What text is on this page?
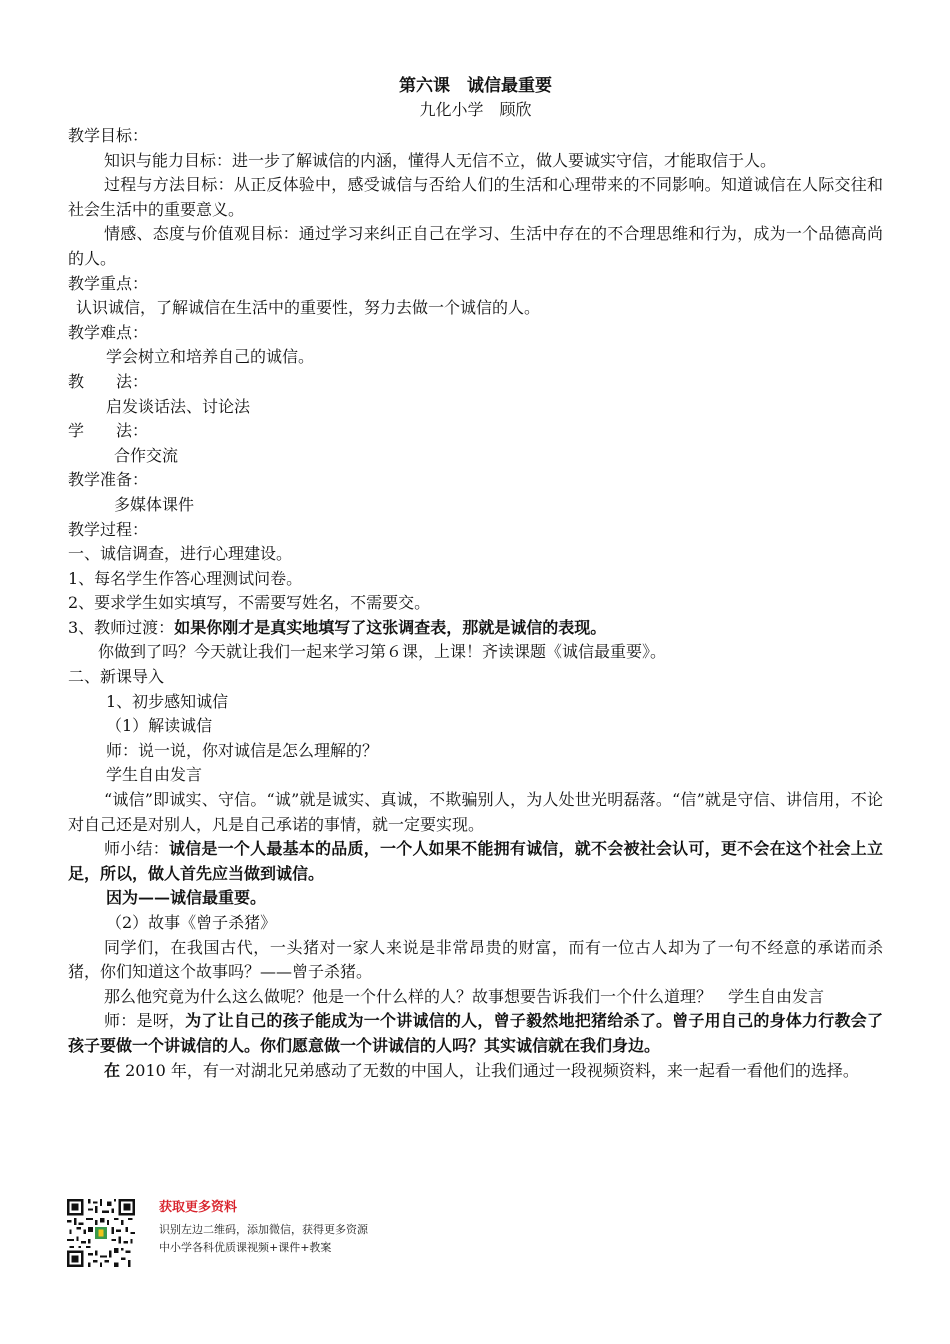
第六课　诚信最重要

九化小学　顾欣

教学目标：

知识与能力目标：进一步了解诚信的内涵，懂得人无信不立，做人要诚实守信，才能取信于人。

过程与方法目标：从正反体验中，感受诚信与否给人们的生活和心理带来的不同影响。知道诚信在人际交往和社会生活中的重要意义。

情感、态度与价值观目标：通过学习来纠正自己在学习、生活中存在的不合理思维和行为，成为一个品德高尚的人。

教学重点：

认识诚信，了解诚信在生活中的重要性，努力去做一个诚信的人。

教学难点：

学会树立和培养自己的诚信。

教　　法：

启发谈话法、讨论法

学　　法：

合作交流

教学准备：

多媒体课件

教学过程：

一、诚信调查，进行心理建设。

1、每名学生作答心理测试问卷。

2、要求学生如实填写，不需要写姓名，不需要交。

3、教师过渡：如果你刚才是真实地填写了这张调查表，那就是诚信的表现。

你做到了吗？今天就让我们一起来学习第６课，上课！齐读课题《诚信最重要》。

二、新课导入

1、初步感知诚信

（1）解读诚信

师：说一说，你对诚信是怎么理解的？

学生自由发言

“诚信”即诚实、守信。“诚”就是诚实、真诚，不欺骗别人，为人处世光明磊落。“信”就是守信、讲信用，不论对自己还是对别人，凡是自己承诺的事情，就一定要实现。

师小结：诚信是一个人最基本的品质，一个人如果不能拥有诚信，就不会被社会认可，更不会在这个社会上立足，所以，做人首先应当做到诚信。

因为——诚信最重要。

（2）故事《曾子杀猪》

同学们，在我国古代，一头猪对一家人来说是非常昂贵的财富，而有一位古人却为了一句不经意的承诺而杀猪，你们知道这个故事吗？——曾子杀猪。

那么他究竟为什么这么做呢？他是一个什么样的人？故事想要告诉我们一个什么道理？　学生自由发言

师：是呀，为了让自己的孩子能成为一个讲诚信的人，曾子毅然地把猪给杀了。曾子用自己的身体力行教会了孩子要做一个讲诚信的人。你们愿意做一个讲诚信的人吗？其实诚信就在我们身边。

在 2010 年，有一对湖北兄弟感动了无数的中国人，让我们通过一段视频资料，来一起看一看他们的选择。

获取更多资料

识别左边二维码，添加微信，获得更多资源

中小学各科优质课视频+课件+教案
